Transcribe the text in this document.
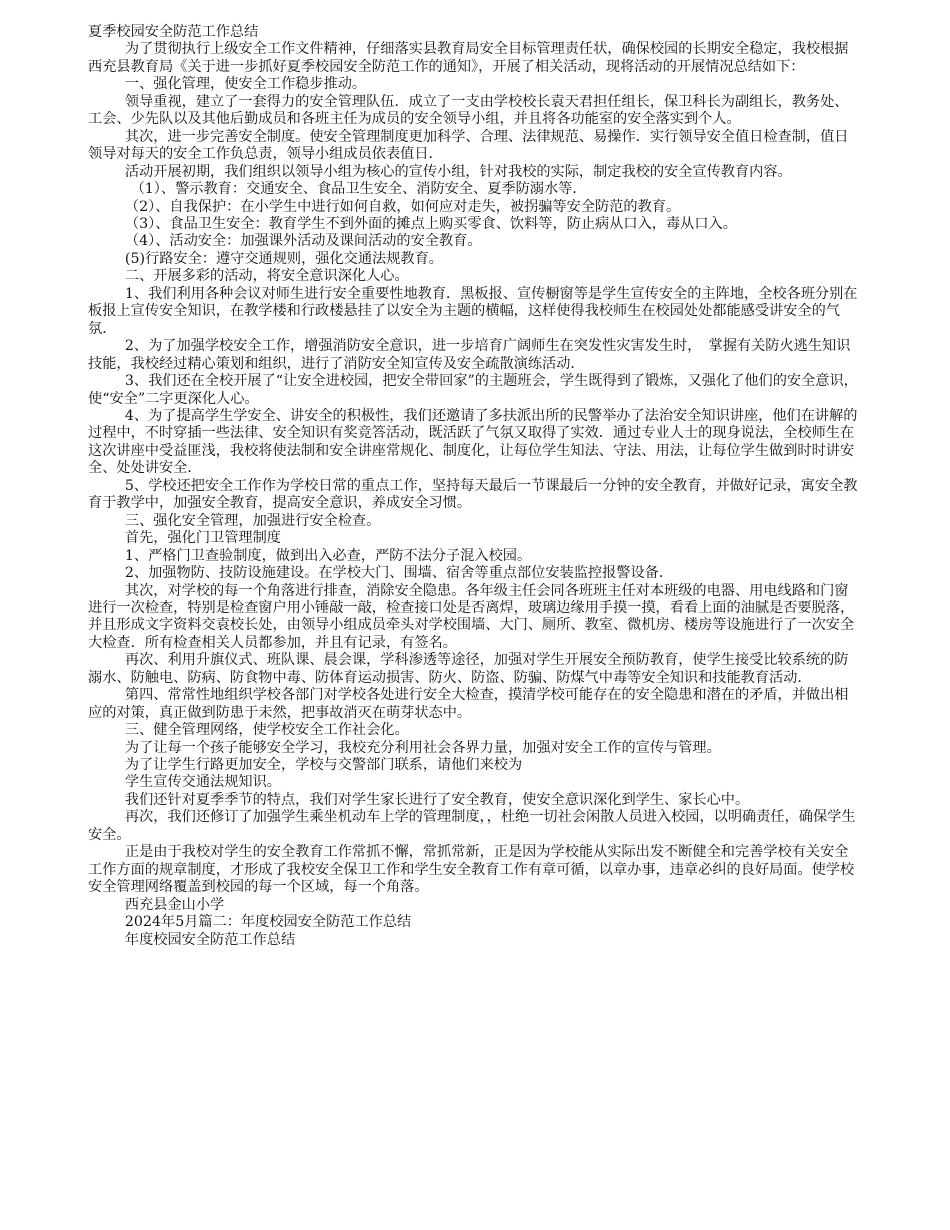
夏季校园安全防范工作总结

为了贯彻执行上级安全工作文件精神，仔细落实县教育局安全目标管理责任状，确保校园的长期安全稳定，我校根据西充县教育局《关于进一步抓好夏季校园安全防范工作的通知》，开展了相关活动，现将活动的开展情况总结如下：

一、强化管理，使安全工作稳步推动。

领导重视，建立了一套得力的安全管理队伍．成立了一支由学校校长袁天君担任组长，保卫科长为副组长，教务处、工会、少先队以及其他后勤成员和各班主任为成员的安全领导小组，并且将各功能室的安全落实到个人。

其次，进一步完善安全制度。使安全管理制度更加科学、合理、法律规范、易操作．实行领导安全值日检查制，值日领导对每天的安全工作负总责，领导小组成员依表值日．

活动开展初期，我们组织以领导小组为核心的宣传小组，针对我校的实际，制定我校的安全宣传教育内容。

（1）、警示教育：交通安全、食品卫生安全、消防安全、夏季防溺水等．

（2）、自我保护：在小学生中进行如何自救，如何应对走失，被拐骗等安全防范的教育。

（3）、食品卫生安全：教育学生不到外面的摊点上购买零食、饮料等，防止病从口入，毒从口入。

（4）、活动安全：加强课外活动及课间活动的安全教育。

(5)行路安全：遵守交通规则，强化交通法规教育。

二、开展多彩的活动，将安全意识深化人心。

1、我们利用各种会议对师生进行安全重要性地教育．黑板报、宣传橱窗等是学生宣传安全的主阵地，全校各班分别在板报上宣传安全知识，在教学楼和行政楼悬挂了以安全为主题的横幅，这样使得我校师生在校园处处都能感受讲安全的气氛．

2、为了加强学校安全工作，增强消防安全意识，进一步培育广阔师生在突发性灾害发生时，　掌握有关防火逃生知识技能，我校经过精心策划和组织，进行了消防安全知宣传及安全疏散演练活动．

3、我们还在全校开展了“让安全进校园，把安全带回家”的主题班会，学生既得到了锻炼，又强化了他们的安全意识，使“安全”二字更深化人心。

4、为了提高学生学安全、讲安全的积极性，我们还邀请了多扶派出所的民警举办了法治安全知识讲座，他们在讲解的过程中，不时穿插一些法律、安全知识有奖竞答活动，既活跃了气氛又取得了实效．通过专业人士的现身说法，全校师生在这次讲座中受益匪浅，我校将使法制和安全讲座常规化、制度化，让每位学生知法、守法、用法，让每位学生做到时时讲安全、处处讲安全．

5、学校还把安全工作作为学校日常的重点工作，坚持每天最后一节课最后一分钟的安全教育，并做好记录，寓安全教育于教学中，加强安全教育，提高安全意识，养成安全习惯。

三、强化安全管理，加强进行安全检查。

首先，强化门卫管理制度

1、严格门卫查验制度，做到出入必查，严防不法分子混入校园。

2、加强物防、技防设施建设。在学校大门、围墙、宿舍等重点部位安装监控报警设备．

其次，对学校的每一个角落进行排查，消除安全隐患。各年级主任会同各班班主任对本班级的电器、用电线路和门窗进行一次检查，特别是检查窗户用小锤敲一敲，检查接口处是否离焊，玻璃边缘用手摸一摸，看看上面的油腻是否要脱落，并且形成文字资料交袁校长处，由领导小组成员牵头对学校围墙、大门、厕所、教室、微机房、楼房等设施进行了一次安全大检查．所有检查相关人员都参加，并且有记录，有签名。

再次、利用升旗仪式、班队课、晨会课，学科渗透等途径，加强对学生开展安全预防教育，使学生接受比较系统的防溺水、防触电、防病、防食物中毒、防体育运动损害、防火、防盗、防骗、防煤气中毒等安全知识和技能教育活动．

第四、常常性地组织学校各部门对学校各处进行安全大检查，摸清学校可能存在的安全隐患和潜在的矛盾，并做出相应的对策，真正做到防患于未然，把事故消灭在萌芽状态中。

三、健全管理网络，使学校安全工作社会化。

为了让每一个孩子能够安全学习，我校充分利用社会各界力量，加强对安全工作的宣传与管理。

为了让学生行路更加安全，学校与交警部门联系，请他们来校为

学生宣传交通法规知识。

我们还针对夏季季节的特点，我们对学生家长进行了安全教育，使安全意识深化到学生、家长心中。

再次，我们还修订了加强学生乘坐机动车上学的管理制度，，杜绝一切社会闲散人员进入校园，以明确责任，确保学生安全。

正是由于我校对学生的安全教育工作常抓不懈，常抓常新，正是因为学校能从实际出发不断健全和完善学校有关安全工作方面的规章制度，才形成了我校安全保卫工作和学生安全教育工作有章可循，以章办事，违章必纠的良好局面。使学校安全管理网络覆盖到校园的每一个区域，每一个角落。

西充县金山小学

2024年5月篇二：年度校园安全防范工作总结

年度校园安全防范工作总结
